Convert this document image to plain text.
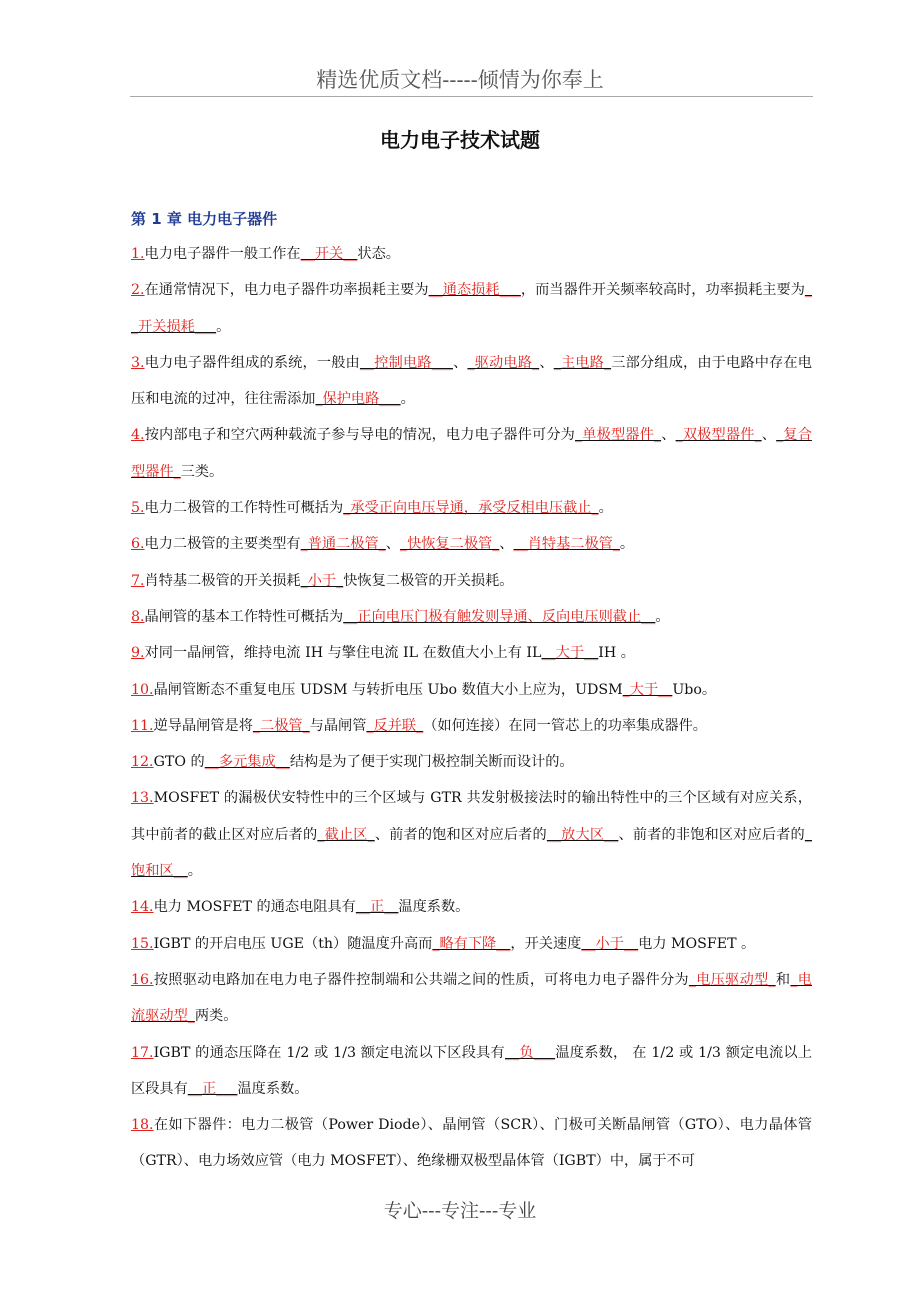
精选优质文档-----倾情为你奉上
电力电子技术试题
第 1 章 电力电子器件

1.电力电子器件一般工作在__开关__状态。

2.在通常情况下，电力电子器件功率损耗主要为__通态损耗___，而当器件开关频率较高时，功率损耗主要为__开关损耗___。

3.电力电子器件组成的系统，一般由__控制电路___、_驱动电路_、_主电路_三部分组成，由于电路中存在电压和电流的过冲，往往需添加_保护电路___。

4.按内部电子和空穴两种载流子参与导电的情况，电力电子器件可分为_单极型器件_、_双极型器件_、_复合型器件_三类。

5.电力二极管的工作特性可概括为_承受正向电压导通，承受反相电压截止_。

6.电力二极管的主要类型有_普通二极管_、_快恢复二极管_、__肖特基二极管_。

7.肖特基二极管的开关损耗_小于_快恢复二极管的开关损耗。

8.晶闸管的基本工作特性可概括为__正向电压门极有触发则导通、反向电压则截止__。

9.对同一晶闸管，维持电流 IH 与擎住电流 IL 在数值大小上有 IL__大于__IH 。

10.晶闸管断态不重复电压 UDSM 与转折电压 Ubo 数值大小上应为，UDSM_大于__Ubo。

11.逆导晶闸管是将_二极管_与晶闸管_反并联_（如何连接）在同一管芯上的功率集成器件。

12.GTO 的__多元集成__结构是为了便于实现门极控制关断而设计的。

13.MOSFET 的漏极伏安特性中的三个区域与 GTR 共发射极接法时的输出特性中的三个区域有对应关系，其中前者的截止区对应后者的_截止区_、前者的饱和区对应后者的__放大区__、前者的非饱和区对应后者的_饱和区__。

14.电力 MOSFET 的通态电阻具有__正__温度系数。

15.IGBT 的开启电压 UGE（th）随温度升高而_略有下降__，开关速度__小于__电力 MOSFET 。

16.按照驱动电路加在电力电子器件控制端和公共端之间的性质，可将电力电子器件分为_电压驱动型_和_电流驱动型_两类。

17.IGBT 的通态压降在 1/2 或 1/3 额定电流以下区段具有__负___温度系数， 在 1/2 或 1/3 额定电流以上区段具有__正___温度系数。

18.在如下器件：电力二极管（Power Diode）、晶闸管（SCR）、门极可关断晶闸管（GTO）、电力晶体管（GTR）、电力场效应管（电力 MOSFET）、绝缘栅双极型晶体管（IGBT）中，属于不可

专心---专注---专业
